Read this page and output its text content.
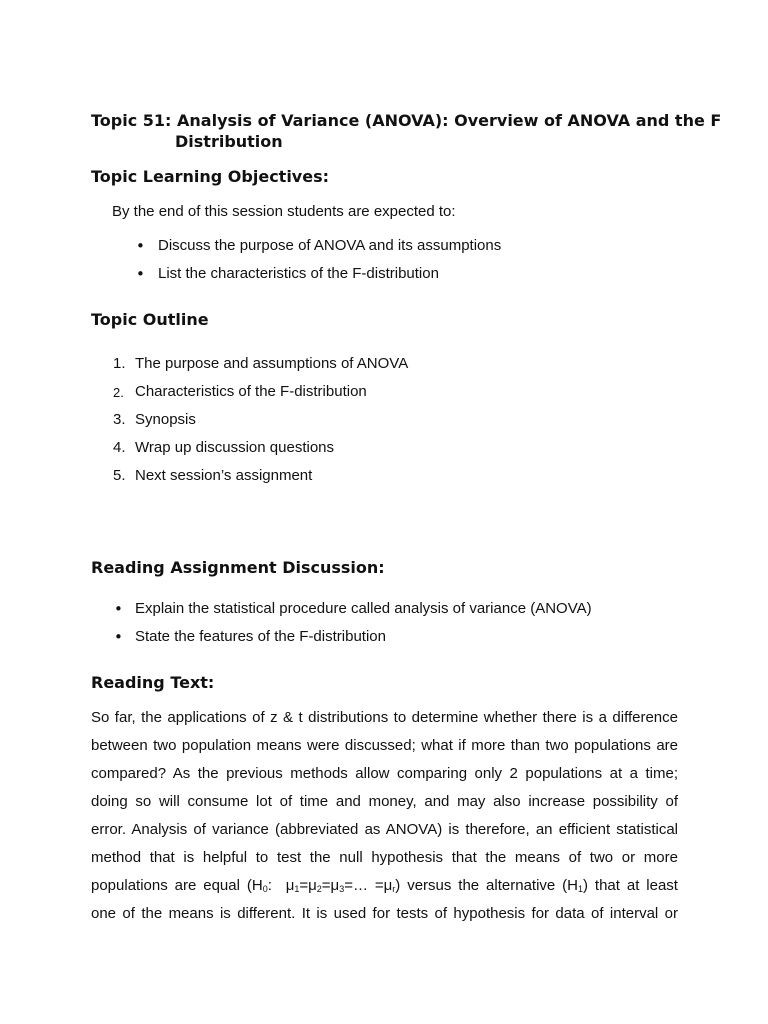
Topic 51: Analysis of Variance (ANOVA): Overview of ANOVA and the F
Distribution
Topic Learning Objectives:
By the end of this session students are expected to:
• Discuss the purpose of ANOVA and its assumptions
• List the characteristics of the F-distribution
Topic Outline
1. The purpose and assumptions of ANOVA
2. Characteristics of the F-distribution
3. Synopsis
4. Wrap up discussion questions
5. Next session’s assignment
Reading Assignment Discussion:
• Explain the statistical procedure called analysis of variance (ANOVA)
• State the features of the F-distribution
Reading Text:
So far, the applications of z & t distributions to determine whether there is a difference
between two population means were discussed; what if more than two populations are
compared? As the previous methods allow comparing only 2 populations at a time;
doing so will consume lot of time and money, and may also increase possibility of
error. Analysis of variance (abbreviated as ANOVA) is therefore, an efficient statistical
method that is helpful to test the null hypothesis that the means of two or more
populations are equal ($H_0$:  $\mu_1=\mu_2=\mu_3=\dots =\mu_r$) versus the alternative $(H_1)$ that at least
one of the means is different. It is used for tests of hypothesis for data of interval or
